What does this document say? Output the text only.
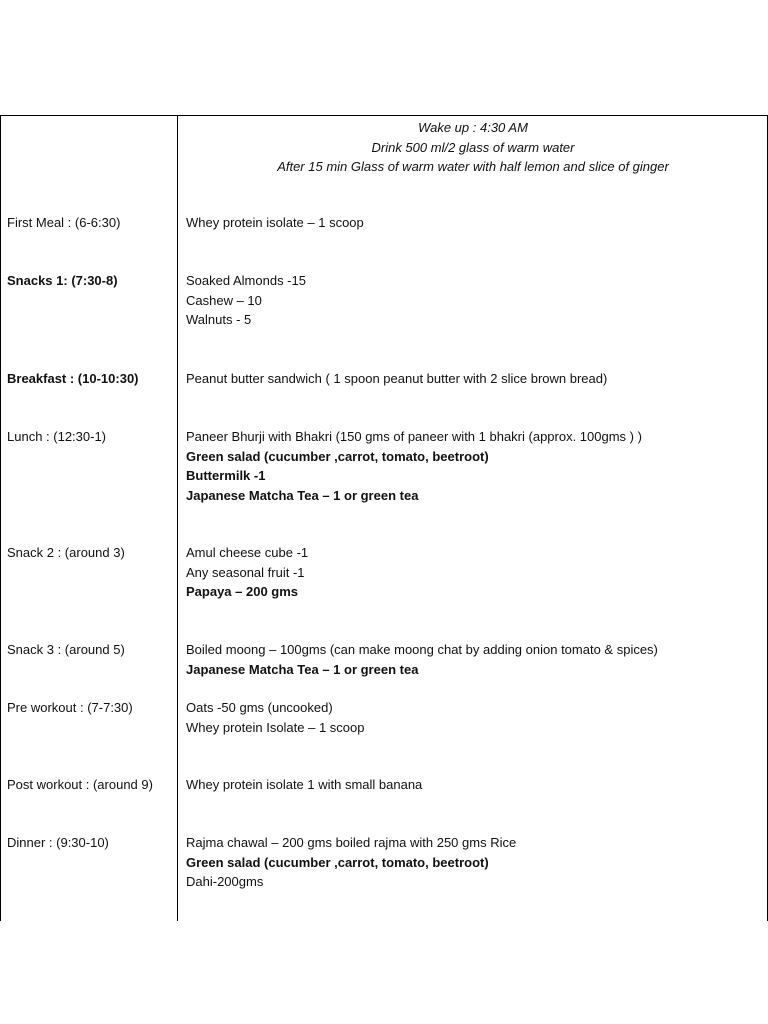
Wake up : 4:30 AM
Drink 500 ml/2 glass of warm water
After 15 min Glass of warm water with half lemon and slice of ginger
First Meal : (6-6:30)	Whey protein isolate – 1 scoop
Snacks 1: (7:30-8)	Soaked Almonds -15
Cashew – 10
Walnuts - 5
Breakfast : (10-10:30)	Peanut butter sandwich ( 1 spoon peanut butter with 2 slice brown bread)
Lunch : (12:30-1)	Paneer Bhurji with Bhakri (150 gms of paneer with 1 bhakri (approx. 100gms ) )
Green salad (cucumber ,carrot, tomato, beetroot)
Buttermilk -1
Japanese Matcha Tea – 1 or green tea
Snack 2 : (around 3)	Amul cheese cube -1
Any seasonal fruit -1
Papaya – 200 gms
Snack 3 : (around 5)	Boiled moong – 100gms (can make moong chat by adding onion tomato & spices)
Japanese Matcha Tea – 1 or green tea
Pre workout : (7-7:30)	Oats -50 gms (uncooked)
Whey protein Isolate – 1 scoop
Post workout : (around 9)	Whey protein isolate 1 with small banana
Dinner : (9:30-10)	Rajma chawal – 200 gms boiled rajma with 250 gms Rice
Green salad (cucumber ,carrot, tomato, beetroot)
Dahi-200gms
